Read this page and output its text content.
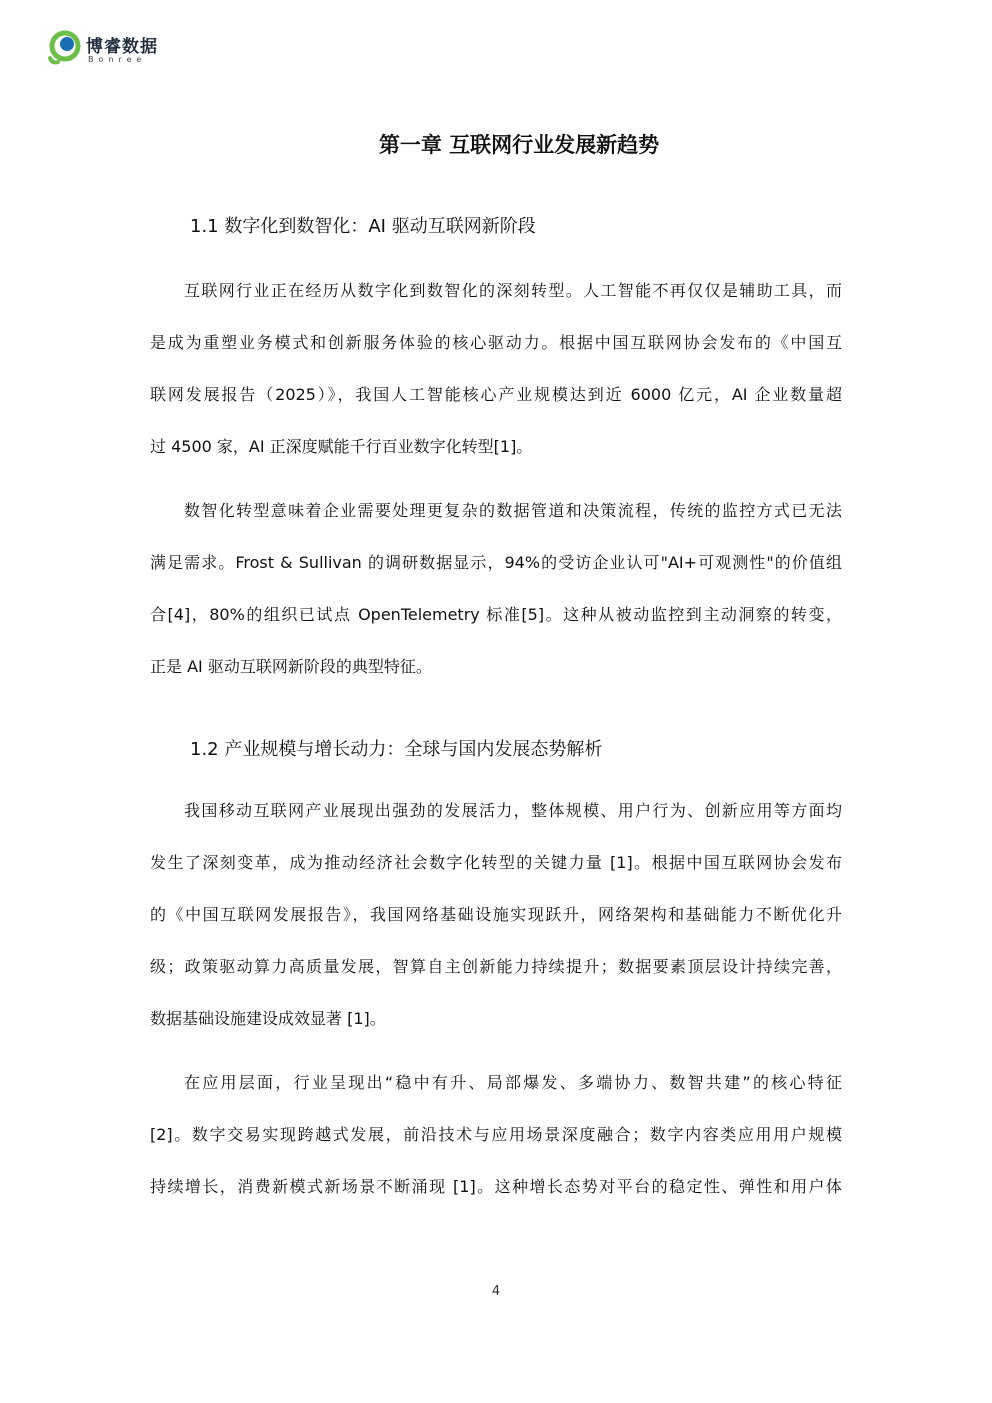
博睿数据
Bonree
第一章 互联网行业发展新趋势
1.1 数字化到数智化：AI 驱动互联网新阶段

互联网行业正在经历从数字化到数智化的深刻转型。人工智能不再仅仅是辅助工具，而
是成为重塑业务模式和创新服务体验的核心驱动力。根据中国互联网协会发布的《中国互
联网发展报告（2025）》，我国人工智能核心产业规模达到近 6000 亿元，AI 企业数量超
过 4500 家，AI 正深度赋能千行百业数字化转型[1]。

数智化转型意味着企业需要处理更复杂的数据管道和决策流程，传统的监控方式已无法
满足需求。Frost & Sullivan 的调研数据显示，94%的受访企业认可"AI+可观测性"的价值组
合[4]，80%的组织已试点 OpenTelemetry 标准[5]。这种从被动监控到主动洞察的转变，
正是 AI 驱动互联网新阶段的典型特征。

1.2 产业规模与增长动力：全球与国内发展态势解析

我国移动互联网产业展现出强劲的发展活力，整体规模、用户行为、创新应用等方面均
发生了深刻变革，成为推动经济社会数字化转型的关键力量 [1]。根据中国互联网协会发布
的《中国互联网发展报告》，我国网络基础设施实现跃升，网络架构和基础能力不断优化升
级；政策驱动算力高质量发展，智算自主创新能力持续提升；数据要素顶层设计持续完善，
数据基础设施建设成效显著 [1]。

在应用层面，行业呈现出“稳中有升、局部爆发、多端协力、数智共建”的核心特征
[2]。数字交易实现跨越式发展，前沿技术与应用场景深度融合；数字内容类应用用户规模
持续增长，消费新模式新场景不断涌现 [1]。这种增长态势对平台的稳定性、弹性和用户体

4
